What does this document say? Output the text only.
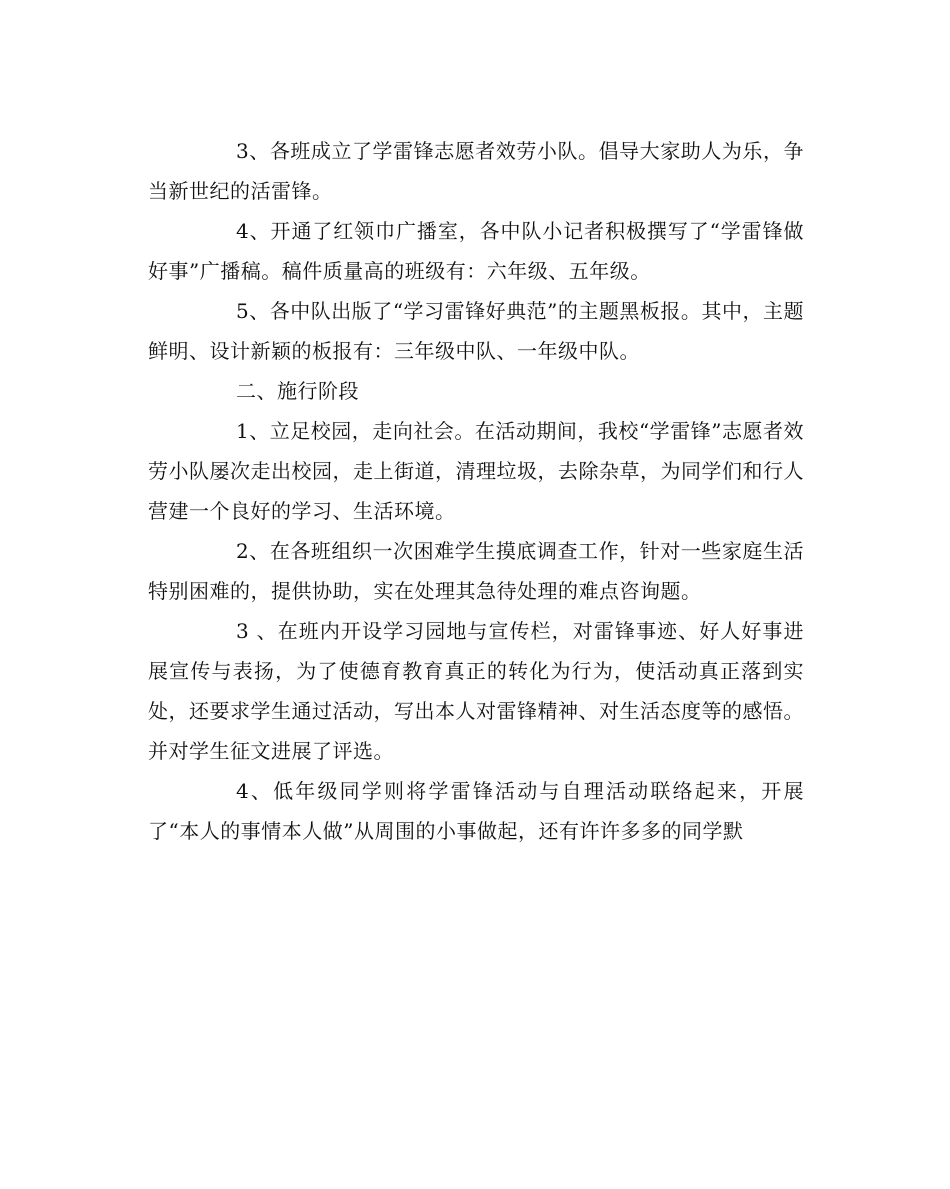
3、各班成立了学雷锋志愿者效劳小队。倡导大家助人为乐，争当新世纪的活雷锋。

4、开通了红领巾广播室，各中队小记者积极撰写了“学雷锋做好事”广播稿。稿件质量高的班级有：六年级、五年级。

5、各中队出版了“学习雷锋好典范”的主题黑板报。其中，主题鲜明、设计新颖的板报有：三年级中队、一年级中队。

二、施行阶段

1、立足校园，走向社会。在活动期间，我校“学雷锋”志愿者效劳小队屡次走出校园，走上街道，清理垃圾，去除杂草，为同学们和行人营建一个良好的学习、生活环境。

2、在各班组织一次困难学生摸底调查工作，针对一些家庭生活特别困难的，提供协助，实在处理其急待处理的难点咨询题。

3 、在班内开设学习园地与宣传栏，对雷锋事迹、好人好事进展宣传与表扬，为了使德育教育真正的转化为行为，使活动真正落到实处，还要求学生通过活动，写出本人对雷锋精神、对生活态度等的感悟。并对学生征文进展了评选。

4、低年级同学则将学雷锋活动与自理活动联络起来，开展了“本人的事情本人做”从周围的小事做起，还有许许多多的同学默
